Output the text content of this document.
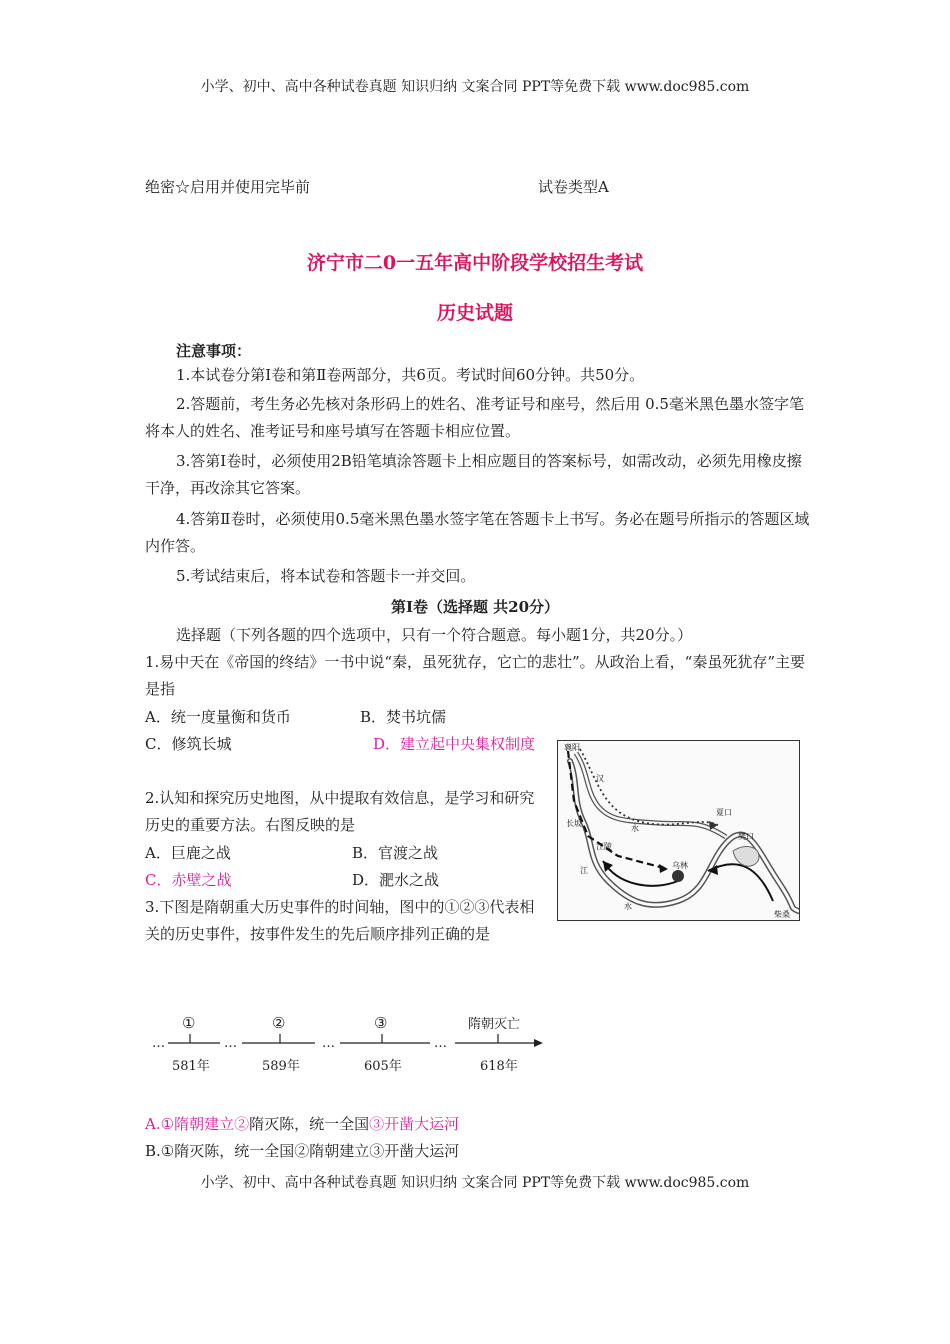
小学、初中、高中各种试卷真题 知识归纳 文案合同 PPT等免费下载 www.doc985.com
绝密☆启用并使用完毕前	试卷类型A
济宁市二0一五年高中阶段学校招生考试
历史试题
注意事项：
1.本试卷分第Ⅰ卷和第Ⅱ卷两部分，共6页。考试时间60分钟。共50分。
2.答题前，考生务必先核对条形码上的姓名、准考证号和座号，然后用 0.5毫米黑色墨水签字笔将本人的姓名、准考证号和座号填写在答题卡相应位置。
3.答第Ⅰ卷时，必须使用2B铅笔填涂答题卡上相应题目的答案标号，如需改动，必须先用橡皮擦干净，再改涂其它答案。
4.答第Ⅱ卷时，必须使用0.5毫米黑色墨水签字笔在答题卡上书写。务必在题号所指示的答题区域内作答。
5.考试结束后，将本试卷和答题卡一并交回。
第Ⅰ卷（选择题 共20分）
选择题（下列各题的四个选项中，只有一个符合题意。每小题1分，共20分。）
1.易中天在《帝国的终结》一书中说“秦，虽死犹存，它亡的悲壮”。从政治上看，“秦虽死犹存”主要是指
A．统一度量衡和货币	B．焚书坑儒
C．修筑长城	D．建立起中央集权制度
2.认知和探究历史地图，从中提取有效信息，是学习和研究历史的重要方法。右图反映的是
A．巨鹿之战	B．官渡之战
C．赤壁之战	D．淝水之战
襄阳
汉
长坂
水
夏口
江陵
乌林
樊口
江
水
柴桑
3.下图是隋朝重大历史事件的时间轴，图中的①②③代表相关的历史事件，按事件发生的先后顺序排列正确的是
…	…	…	…
①	②	③	隋朝灭亡
581年	589年	605年	618年
A.①隋朝建立②隋灭陈，统一全国③开凿大运河
B.①隋灭陈，统一全国②隋朝建立③开凿大运河
小学、初中、高中各种试卷真题 知识归纳 文案合同 PPT等免费下载 www.doc985.com
